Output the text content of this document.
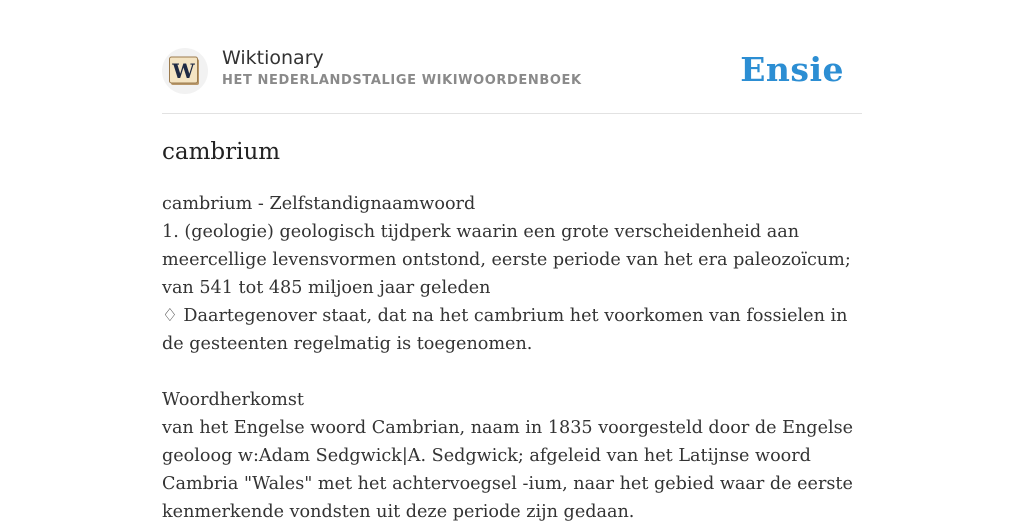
W
Wiktionary
HET NEDERLANDSTALIGE WIKIWOORDENBOEK	Ensie
cambrium

cambrium - Zelfstandignaamwoord

1. (geologie) geologisch tijdperk waarin een grote verscheidenheid aan meercellige levensvormen ontstond, eerste periode van het era paleozoïcum; van 541 tot 485 miljoen jaar geleden

♢ Daartegenover staat, dat na het cambrium het voorkomen van fossielen in de gesteenten regelmatig is toegenomen.

Woordherkomst

van het Engelse woord Cambrian, naam in 1835 voorgesteld door de Engelse geoloog w:Adam Sedgwick|A. Sedgwick; afgeleid van het Latijnse woord Cambria "Wales" met het achtervoegsel -ium, naar het gebied waar de eerste kenmerkende vondsten uit deze periode zijn gedaan.
